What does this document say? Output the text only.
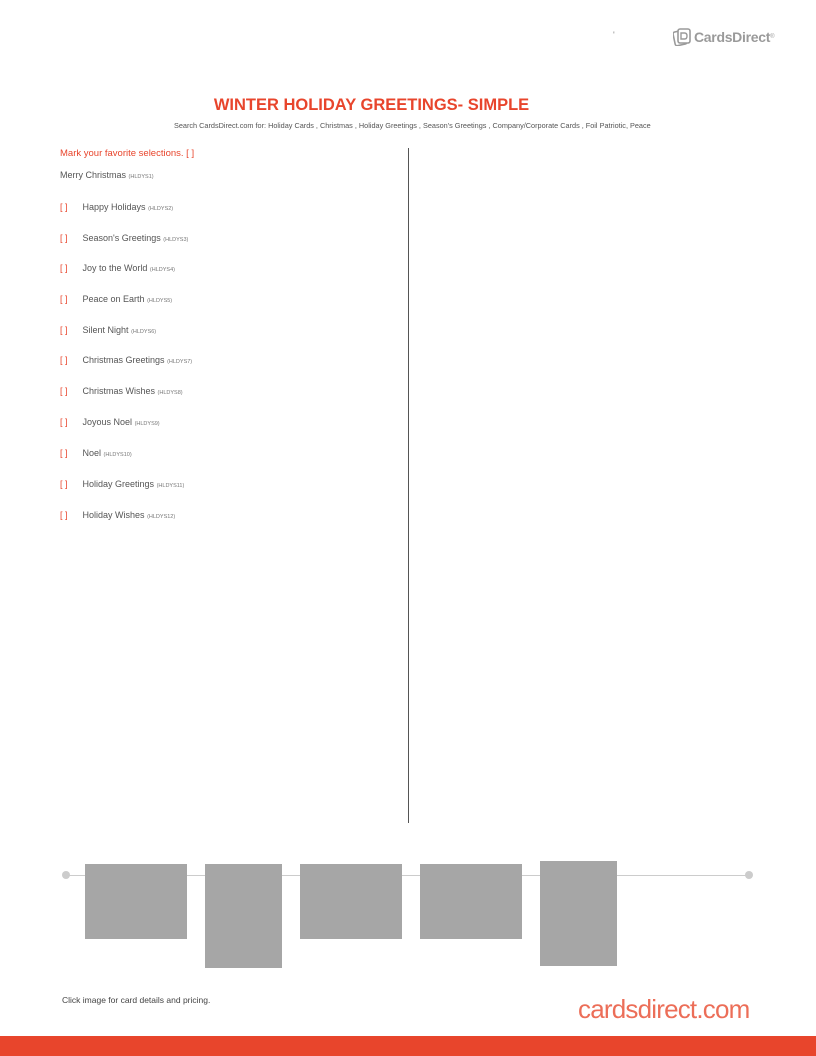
'	CardsDirect ®
WINTER HOLIDAY GREETINGS- SIMPLE
Search CardsDirect.com for: Holiday Cards , Christmas , Holiday Greetings , Season's Greetings , Company/Corporate Cards , Foil Patriotic, Peace
Mark your favorite selections. [ ]
Merry Christmas (HLDYS1)
[ ] Happy Holidays (HLDYS2)
[ ] Season's Greetings (HLDYS3)
[ ] Joy to the World (HLDYS4)
[ ] Peace on Earth (HLDYS5)
[ ] Silent Night (HLDYS6)
[ ] Christmas Greetings (HLDYS7)
[ ] Christmas Wishes (HLDYS8)
[ ] Joyous Noel (HLDYS9)
[ ] Noel (HLDYS10)
[ ] Holiday Greetings (HLDYS11)
[ ] Holiday Wishes (HLDYS12)
Click image for card details and pricing.	cardsdirect.com
